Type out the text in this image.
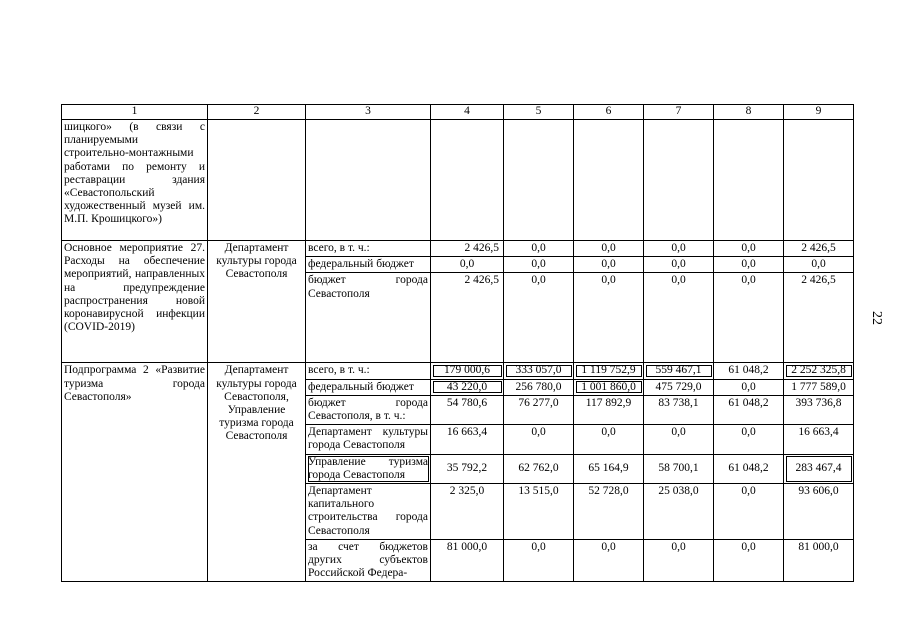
22
1	2	3	4	5	6	7	8	9
шицкого» (в связи с планируемыми строительно-монтажными работами по ремонту и реставрации здания «Севастопольский художественный музей им. М.П. Крошицкого»)								
Основное мероприятие 27. Расходы на обеспечение мероприятий, направленных на предупреждение распространения новой коронавирусной инфекции (COVID-2019)	Департамент культуры города Севастополя	всего, в т. ч.:	2 426,5	0,0	0,0	0,0	0,0	2 426,5
		федеральный бюджет	0,0	0,0	0,0	0,0	0,0	0,0
		бюджет города Севастополя	2 426,5	0,0	0,0	0,0	0,0	2 426,5
Подпрограмма 2 «Развитие туризма города Севастополя»	Департамент культуры города Севастополя, Управление туризма города Севастополя	всего, в т. ч.:	179 000,6	333 057,0	1 119 752,9	559 467,1	61 048,2	2 252 325,8
		федеральный бюджет	43 220,0	256 780,0	1 001 860,0	475 729,0	0,0	1 777 589,0
		бюджет города Севастополя, в т. ч.:	54 780,6	76 277,0	117 892,9	83 738,1	61 048,2	393 736,8
		Департамент культуры города Севастополя	16 663,4	0,0	0,0	0,0	0,0	16 663,4
		Управление туризма города Севастополя	35 792,2	62 762,0	65 164,9	58 700,1	61 048,2	283 467,4
		Департамент капитального строительства города Севастополя	2 325,0	13 515,0	52 728,0	25 038,0	0,0	93 606,0
		за счет бюджетов других субъектов Российской Федера-	81 000,0	0,0	0,0	0,0	0,0	81 000,0
